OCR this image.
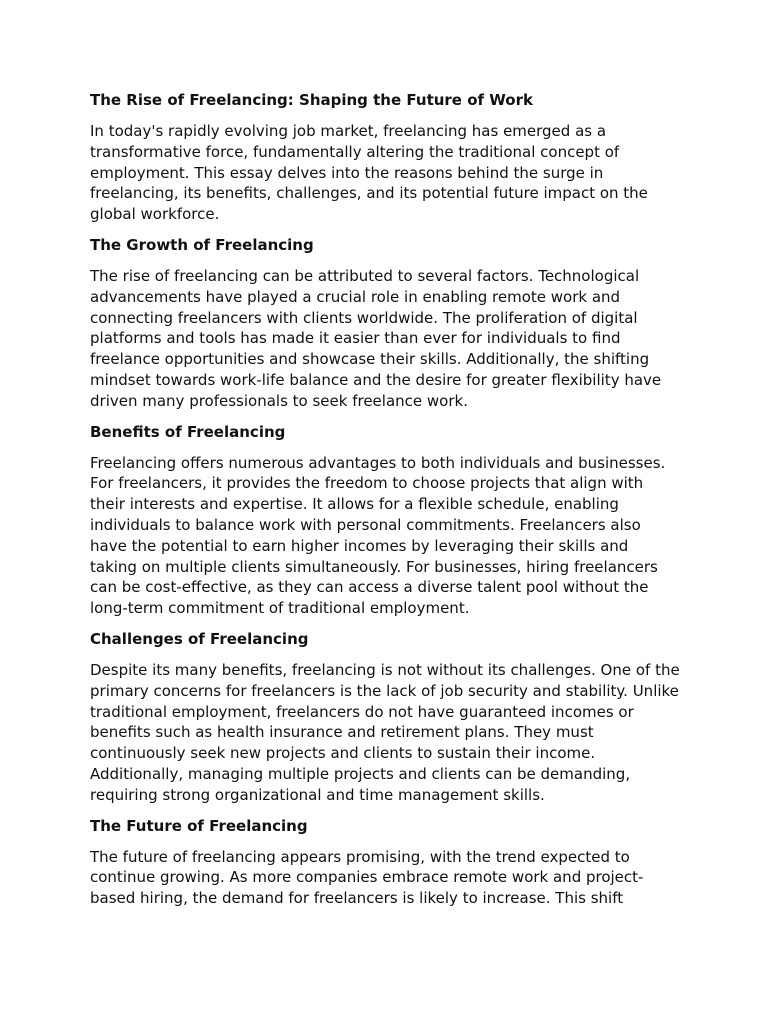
The Rise of Freelancing: Shaping the Future of Work
In today's rapidly evolving job market, freelancing has emerged as a transformative force, fundamentally altering the traditional concept of employment. This essay delves into the reasons behind the surge in freelancing, its benefits, challenges, and its potential future impact on the global workforce.
The Growth of Freelancing
The rise of freelancing can be attributed to several factors. Technological advancements have played a crucial role in enabling remote work and connecting freelancers with clients worldwide. The proliferation of digital platforms and tools has made it easier than ever for individuals to find freelance opportunities and showcase their skills. Additionally, the shifting mindset towards work-life balance and the desire for greater flexibility have driven many professionals to seek freelance work.
Benefits of Freelancing
Freelancing offers numerous advantages to both individuals and businesses. For freelancers, it provides the freedom to choose projects that align with their interests and expertise. It allows for a flexible schedule, enabling individuals to balance work with personal commitments. Freelancers also have the potential to earn higher incomes by leveraging their skills and taking on multiple clients simultaneously. For businesses, hiring freelancers can be cost-effective, as they can access a diverse talent pool without the long-term commitment of traditional employment.
Challenges of Freelancing
Despite its many benefits, freelancing is not without its challenges. One of the primary concerns for freelancers is the lack of job security and stability. Unlike traditional employment, freelancers do not have guaranteed incomes or benefits such as health insurance and retirement plans. They must continuously seek new projects and clients to sustain their income. Additionally, managing multiple projects and clients can be demanding, requiring strong organizational and time management skills.
The Future of Freelancing
The future of freelancing appears promising, with the trend expected to continue growing. As more companies embrace remote work and project-based hiring, the demand for freelancers is likely to increase. This shift
